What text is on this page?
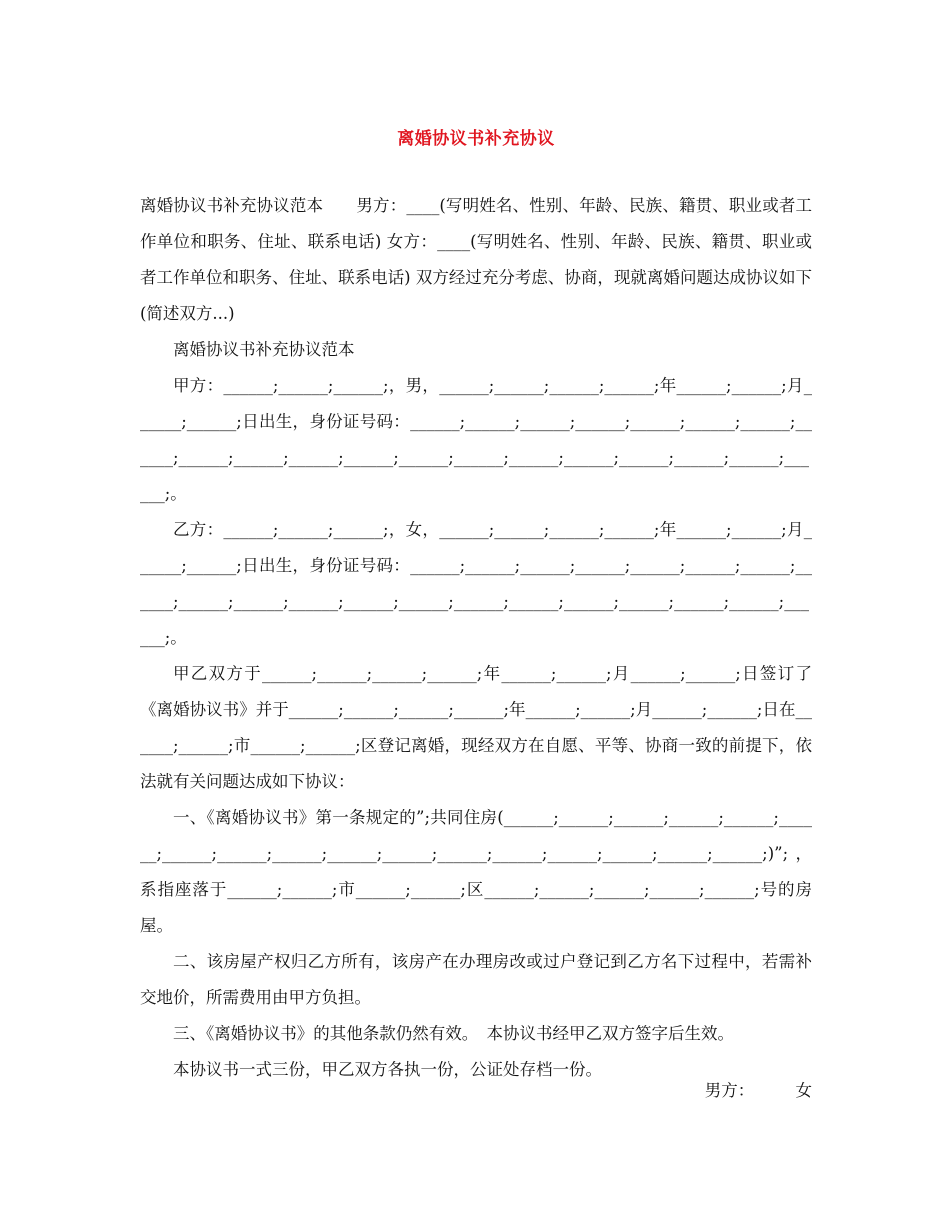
离婚协议书补充协议

离婚协议书补充协议范本　　男方：____(写明姓名、性别、年龄、民族、籍贯、职业或者工作单位和职务、住址、联系电话) 女方：____(写明姓名、性别、年龄、民族、籍贯、职业或者工作单位和职务、住址、联系电话) 双方经过充分考虑、协商，现就离婚问题达成协议如下(简述双方...)

离婚协议书补充协议范本

甲方：______;______;______;，男，______;______;______;______;年______;______;月______;______;日出生，身份证号码：______;______;______;______;______;______;______;______;______;______;______;______;______;______;______;______;______;______;______;______;。

乙方：______;______;______;，女，______;______;______;______;年______;______;月______;______;日出生，身份证号码：______;______;______;______;______;______;______;______;______;______;______;______;______;______;______;______;______;______;______;______;。

甲乙双方于______;______;______;______;年______;______;月______;______;日签订了《离婚协议书》并于______;______;______;______;年______;______;月______;______;日在______;______;市______;______;区登记离婚，现经双方在自愿、平等、协商一致的前提下，依法就有关问题达成如下协议：

一、《离婚协议书》第一条规定的”;共同住房(______;______;______;______;______;______;______;______;______;______;______;______;______;______;______;______;______;)”;，系指座落于______;______;市______;______;区______;______;______;______;______;号的房屋。

二、该房屋产权归乙方所有，该房产在办理房改或过户登记到乙方名下过程中，若需补交地价，所需费用由甲方负担。

三、《离婚协议书》的其他条款仍然有效。　本协议书经甲乙双方签字后生效。

本协议书一式三份，甲乙双方各执一份，公证处存档一份。

男方：　　　女
